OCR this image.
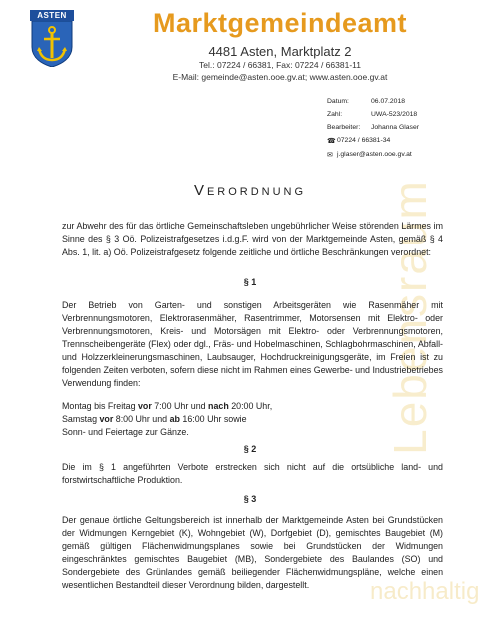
Lebensraum
nachhaltig
ASTEN	Marktgemeindeamt
4481 Asten, Marktplatz 2
Tel.: 07224 / 66381, Fax: 07224 / 66381-11
E-Mail: gemeinde@asten.ooe.gv.at; www.asten.ooe.gv.at
Datum:	06.07.2018
Zahl:	UWA-523/2018
Bearbeiter: Johanna Glaser
☎ 07224 / 66381-34
✉ j.glaser@asten.ooe.gv.at
Verordnung
zur Abwehr des für das örtliche Gemeinschaftsleben ungebührlicher Weise störenden Lärmes im Sinne des § 3 Oö. Polizeistrafgesetzes i.d.g.F. wird von der Marktgemeinde Asten, gemäß § 4 Abs. 1, lit. a) Oö. Polizeistrafgesetz folgende zeitliche und örtliche Beschränkungen verordnet:
§ 1
Der Betrieb von Garten- und sonstigen Arbeitsgeräten wie Rasenmäher mit Verbrennungsmotoren, Elektrorasenmäher, Rasentrimmer, Motorsensen mit Elektro- oder Verbrennungsmotoren, Kreis- und Motorsägen mit Elektro- oder Verbrennungsmotoren, Trennscheibengeräte (Flex) oder dgl., Fräs- und Hobelmaschinen, Schlagbohrmaschinen, Abfall- und Holzzerkleinerungsmaschinen, Laubsauger, Hochdruckreinigungsgeräte, im Freien ist zu folgenden Zeiten verboten, sofern diese nicht im Rahmen eines Gewerbe- und Industriebetriebes Verwendung finden:
Montag bis Freitag vor 7:00 Uhr und nach 20:00 Uhr,
Samstag vor 8:00 Uhr und ab 16:00 Uhr sowie
Sonn- und Feiertage zur Gänze.
§ 2
Die im § 1 angeführten Verbote erstrecken sich nicht auf die ortsübliche land- und forstwirtschaftliche Produktion.
§ 3
Der genaue örtliche Geltungsbereich ist innerhalb der Marktgemeinde Asten bei Grundstücken der Widmungen Kerngebiet (K), Wohngebiet (W), Dorfgebiet (D), gemischtes Baugebiet (M) gemäß gültigen Flächenwidmungsplanes sowie bei Grundstücken der Widmungen eingeschränktes gemischtes Baugebiet (MB), Sondergebiete des Baulandes (SO) und Sondergebiete des Grünlandes gemäß beiliegender Flächenwidmungspläne, welche einen wesentlichen Bestandteil dieser Verordnung bilden, dargestellt.
